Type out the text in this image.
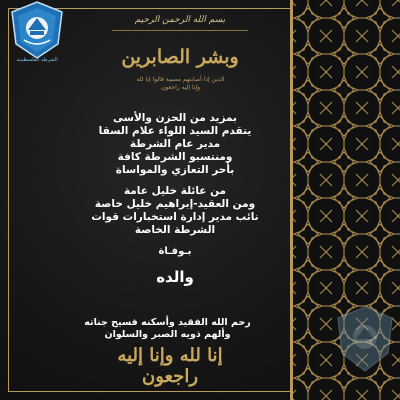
الشرطة الفلسطينية
بسم الله الرحمن الرحيم
وبشر الصابرين
الذين إذا أصابتهم مصيبة قالوا إنا لله
وإنا إليه راجعون
بمزيد من الحزن والأسى
يتقدم السيد اللواء علام السقا
مدير عام الشرطة
ومنتسبو الشرطة كافة
بأحر التعازي والمواساة
من عائلة خليل عامة
ومن العقيد-إبراهيم خليل خاصة
نائب مدير إدارة استخبارات قوات
الشرطة الخاصة
بـوفـاة
والده
رحم الله الفقيد وأسكنه فسيح جناته
وألهم ذويه الصبر والسلوان
إنا لله وإنا إليه راجعون
